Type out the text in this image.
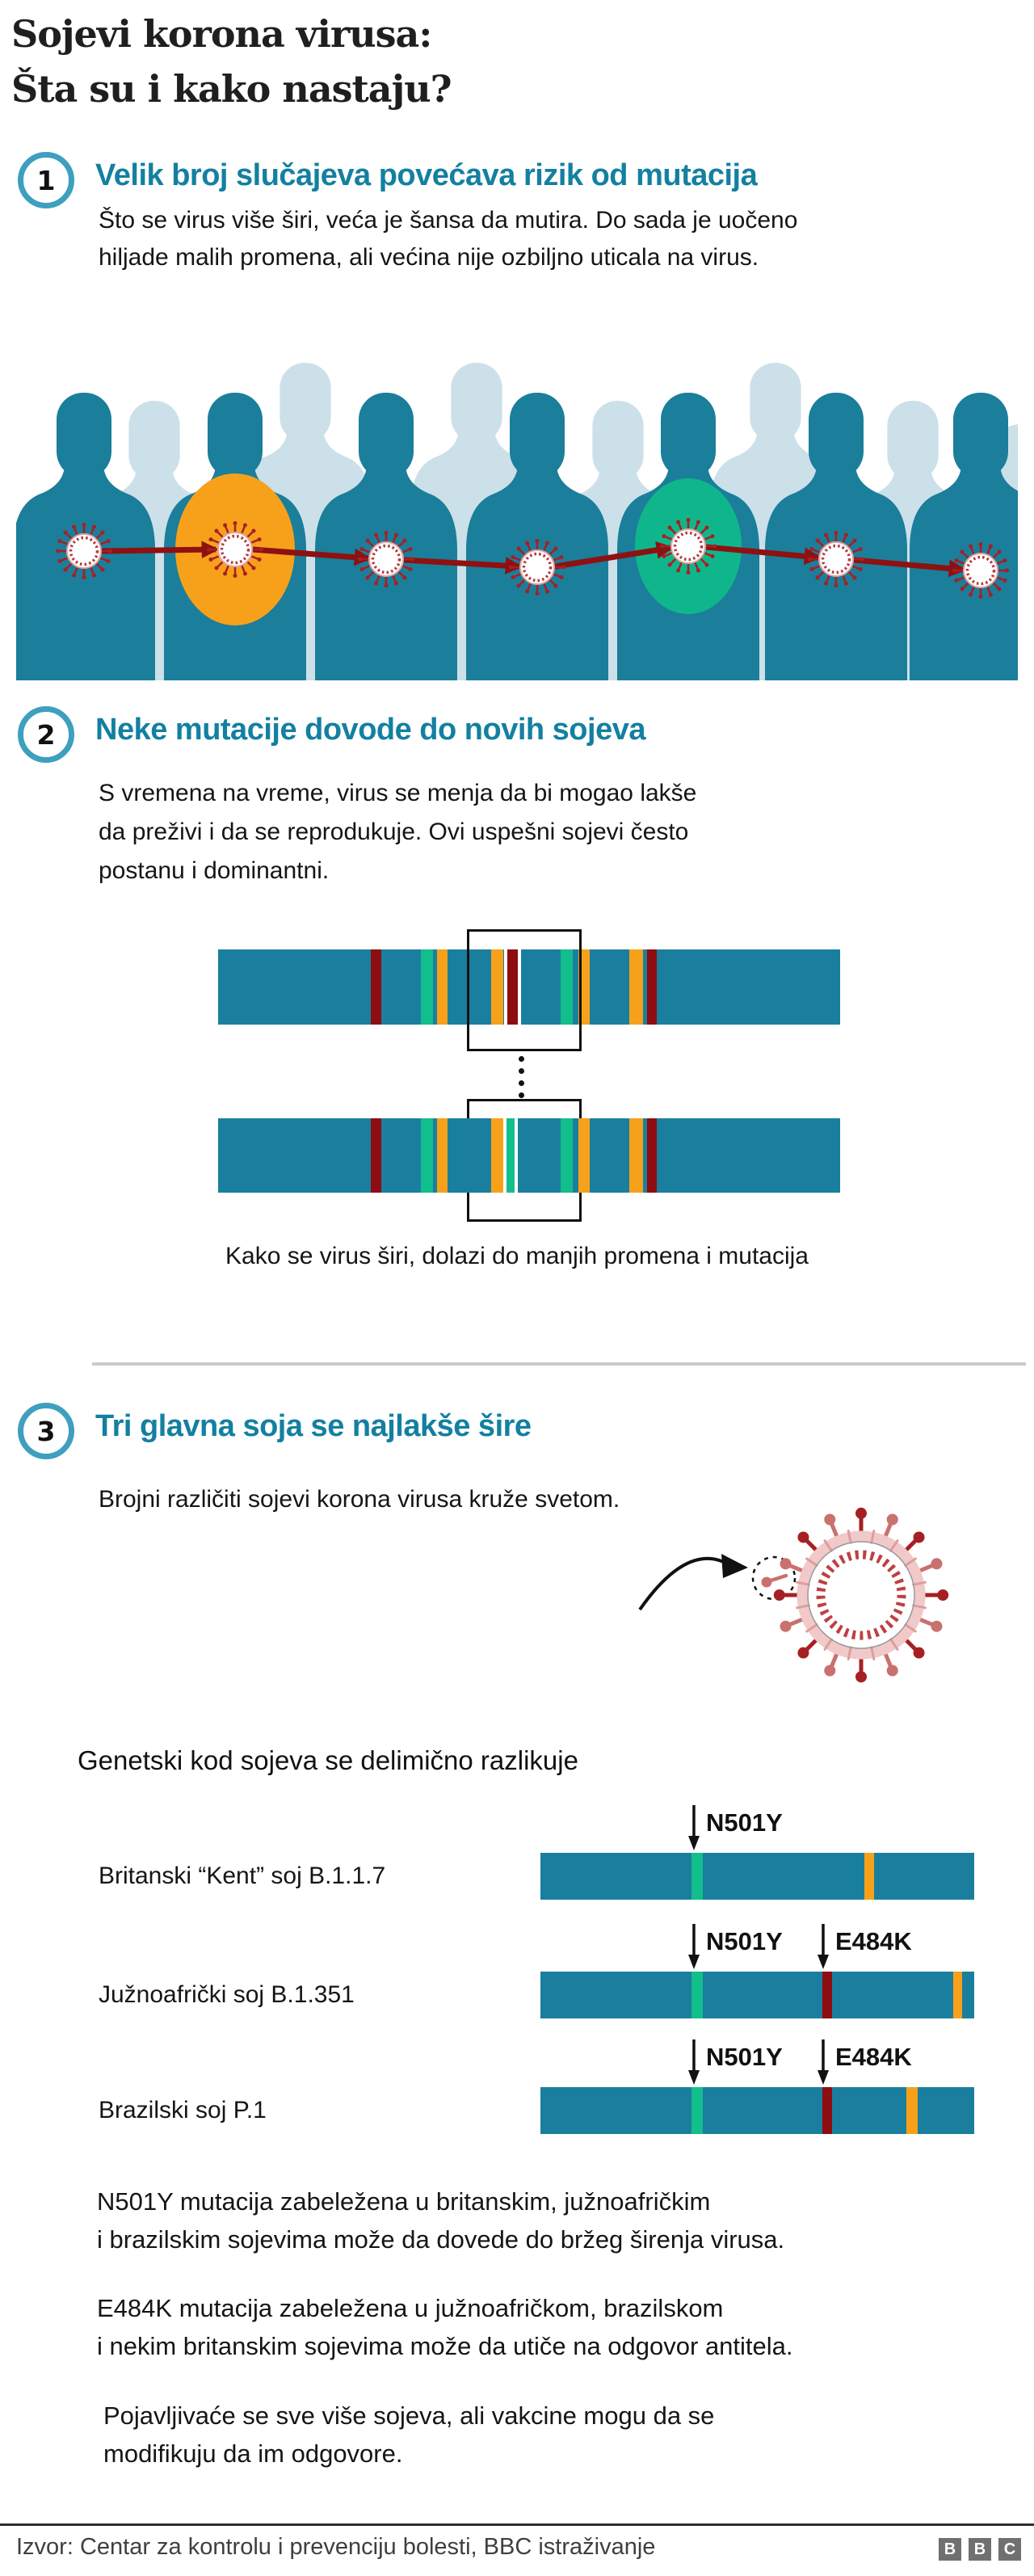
Sojevi korona virusa:
Šta su i kako nastaju?
1 Velik broj slučajeva povećava rizik od mutacija
Što se virus više širi, veća je šansa da mutira. Do sada je uočeno
hiljade malih promena, ali većina nije ozbiljno uticala na virus.
2 Neke mutacije dovode do novih sojeva
S vremena na vreme, virus se menja da bi mogao lakše
da preživi i da se reprodukuje. Ovi uspešni sojevi često
postanu i dominantni.
Kako se virus širi, dolazi do manjih promena i mutacija
3 Tri glavna soja se najlakše šire
Brojni različiti sojevi korona virusa kruže svetom.
Genetski kod sojeva se delimično razlikuje
N501Y
Britanski “Kent” soj B.1.1.7
N501Y E484K
Južnoafrički soj B.1.351
N501Y E484K
Brazilski soj P.1
N501Y mutacija zabeležena u britanskim, južnoafričkim
i brazilskim sojevima može da dovede do bržeg širenja virusa.
E484K mutacija zabeležena u južnoafričkom, brazilskom
i nekim britanskim sojevima može da utiče na odgovor antitela.
Pojavljivaće se sve više sojeva, ali vakcine mogu da se
modifikuju da im odgovore.
Izvor: Centar za kontrolu i prevenciju bolesti, BBC istraživanje	B B C
